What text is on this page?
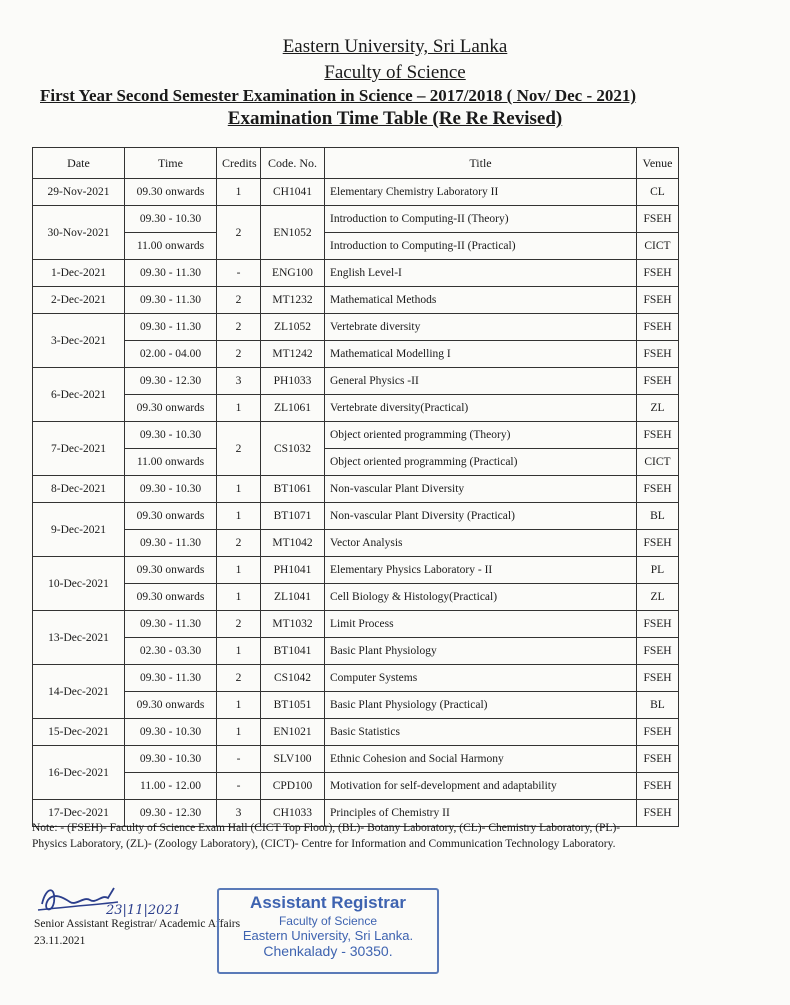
Eastern University, Sri Lanka
Faculty of Science
First Year Second Semester Examination in Science – 2017/2018 ( Nov/ Dec - 2021)
Examination Time Table (Re Re Revised)
Date	Time	Credits	Code. No.	Title	Venue
29-Nov-2021	09.30 onwards	1	CH1041	Elementary Chemistry Laboratory II	CL
30-Nov-2021	09.30 - 10.30	2	EN1052	Introduction to Computing-II (Theory)	FSEH
	11.00 onwards			Introduction to Computing-II (Practical)	CICT
1-Dec-2021	09.30 - 11.30	-	ENG100	English Level-I	FSEH
2-Dec-2021	09.30 - 11.30	2	MT1232	Mathematical Methods	FSEH
3-Dec-2021	09.30 - 11.30	2	ZL1052	Vertebrate diversity	FSEH
	02.00 - 04.00	2	MT1242	Mathematical Modelling I	FSEH
6-Dec-2021	09.30 - 12.30	3	PH1033	General Physics -II	FSEH
	09.30 onwards	1	ZL1061	Vertebrate diversity(Practical)	ZL
7-Dec-2021	09.30 - 10.30	2	CS1032	Object oriented programming (Theory)	FSEH
	11.00 onwards			Object oriented programming (Practical)	CICT
8-Dec-2021	09.30 - 10.30	1	BT1061	Non-vascular Plant Diversity	FSEH
9-Dec-2021	09.30 onwards	1	BT1071	Non-vascular Plant Diversity (Practical)	BL
	09.30 - 11.30	2	MT1042	Vector Analysis	FSEH
10-Dec-2021	09.30 onwards	1	PH1041	Elementary Physics Laboratory - II	PL
	09.30 onwards	1	ZL1041	Cell Biology & Histology(Practical)	ZL
13-Dec-2021	09.30 - 11.30	2	MT1032	Limit Process	FSEH
	02.30 - 03.30	1	BT1041	Basic Plant Physiology	FSEH
14-Dec-2021	09.30 - 11.30	2	CS1042	Computer Systems	FSEH
	09.30 onwards	1	BT1051	Basic Plant Physiology (Practical)	BL
15-Dec-2021	09.30 - 10.30	1	EN1021	Basic Statistics	FSEH
16-Dec-2021	09.30 - 10.30	-	SLV100	Ethnic Cohesion and Social Harmony	FSEH
	11.00 - 12.00	-	CPD100	Motivation for self-development and adaptability	FSEH
17-Dec-2021	09.30 - 12.30	3	CH1033	Principles of Chemistry II	FSEH
Note: - (FSEH)- Faculty of Science Exam Hall (CICT Top Floor), (BL)- Botany Laboratory, (CL)- Chemistry Laboratory, (PL)- Physics Laboratory, (ZL)- (Zoology Laboratory), (CICT)- Centre for Information and Communication Technology Laboratory.
23|11|2021
Senior Assistant Registrar/ Academic Affairs
23.11.2021
Assistant Registrar
Faculty of Science
Eastern University, Sri Lanka.
Chenkalady - 30350.
